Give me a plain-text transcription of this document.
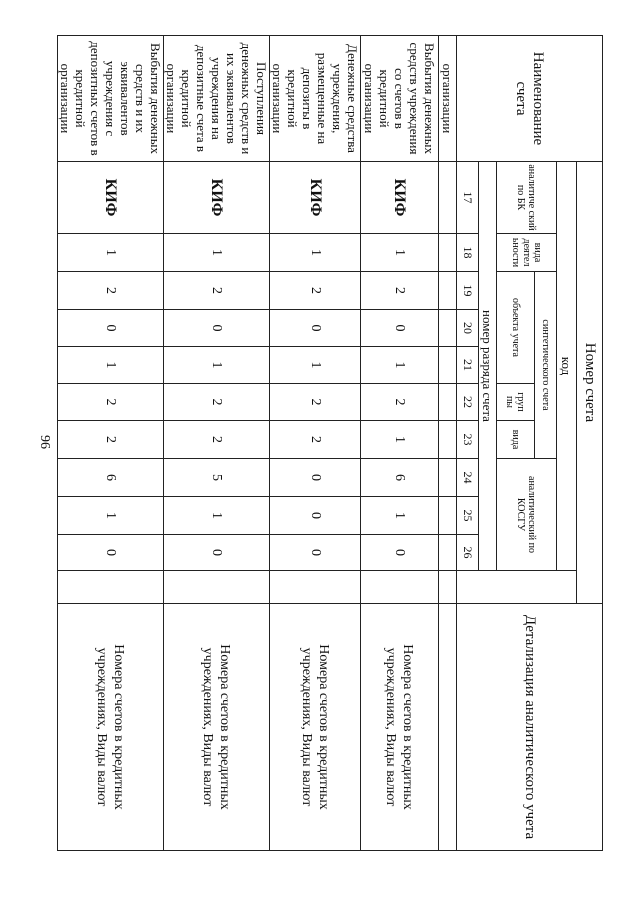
96
Наименование счета	Номер счета											Детализация аналитического учета
	код											
	аналитиче ский по БК	вида деятел ьности	синтетического счета					аналитический по КОСГУ				
			объекта учета			груп пы	вида					
	номер разряда счета											
	17	18	19	20	21	22	23	24	25	26		
организации												
Выбытия денежных средств учреждения со счетов в кредитной организации	КИФ	1	2	0	1	2	1	6	1	0		Номера счетов в кредитных учреждениях, Виды валют
Денежные средства учреждения, размещенные на депозиты в кредитной организации	КИФ	1	2	0	1	2	2	0	0	0		Номера счетов в кредитных учреждениях, Виды валют
Поступления денежных средств и их эквивалентов учреждения на депозитные счета в кредитной организации	КИФ	1	2	0	1	2	2	5	1	0		Номера счетов в кредитных учреждениях, Виды валют
Выбытия денежных средств и их эквивалентов учреждения с депозитных счетов в кредитной организации	КИФ	1	2	0	1	2	2	6	1	0		Номера счетов в кредитных учреждениях, Виды валют
